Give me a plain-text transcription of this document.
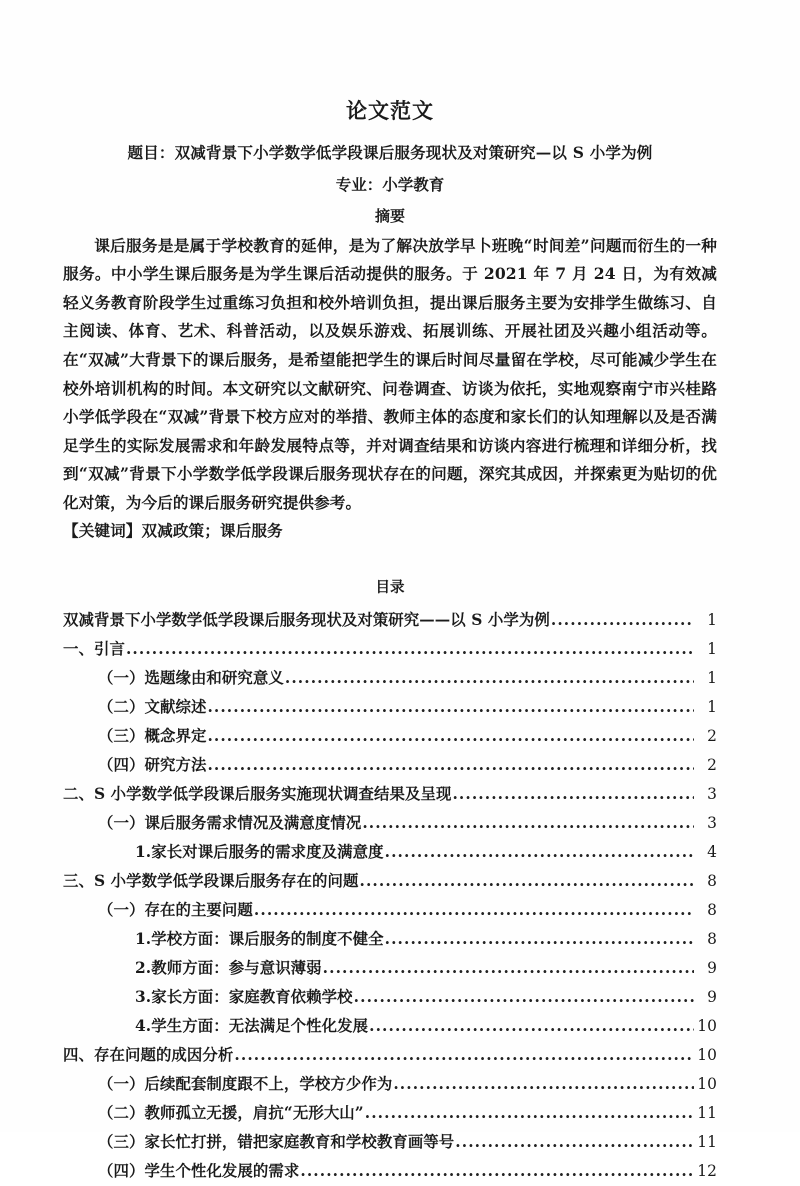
论文范文

题目：双减背景下小学数学低学段课后服务现状及对策研究—以 S 小学为例

专业：小学教育

摘要

课后服务是是属于学校教育的延伸，是为了解决放学早卜班晚“时间差”问题而衍生的一种服务。中小学生课后服务是为学生课后活动提供的服务。于 2021 年 7 月 24 日，为有效减轻义务教育阶段学生过重练习负担和校外培训负担，提出课后服务主要为安排学生做练习、自主阅读、体育、艺术、科普活动，以及娱乐游戏、拓展训练、开展社团及兴趣小组活动等。在“双减”大背景下的课后服务，是希望能把学生的课后时间尽量留在学校，尽可能减少学生在校外培训机构的时间。本文研究以文献研究、问卷调查、访谈为依托，实地观察南宁市兴桂路小学低学段在“双减”背景下校方应对的举措、教师主体的态度和家长们的认知理解以及是否满足学生的实际发展需求和年龄发展特点等，并对调查结果和访谈内容进行梳理和详细分析，找到“双减”背景下小学数学低学段课后服务现状存在的问题，深究其成因，并探索更为贴切的优化对策，为今后的课后服务研究提供参考。

【关键词】双减政策；课后服务

目录

双减背景下小学数学低学段课后服务现状及对策研究——以 S 小学为例 .....	1
一、引言 .....	1
（一）选题缘由和研究意义 .....	1
（二）文献综述 .....	1
（三）概念界定 .....	2
（四）研究方法 .....	2
二、S 小学数学低学段课后服务实施现状调查结果及呈现 .....	3
（一）课后服务需求情况及满意度情况 .....	3
1.家长对课后服务的需求度及满意度 .....	4
三、S 小学数学低学段课后服务存在的问题 .....	8
（一）存在的主要问题 .....	8
1.学校方面：课后服务的制度不健全 .....	8
2.教师方面：参与意识薄弱 .....	9
3.家长方面：家庭教育依赖学校 .....	9
4.学生方面：无法满足个性化发展 .....	10
四、存在问题的成因分析 .....	10
（一）后续配套制度跟不上，学校方少作为 .....	10
（二）教师孤立无援，肩抗“无形大山” .....	11
（三）家长忙打拼，错把家庭教育和学校教育画等号 .....	11
（四）学生个性化发展的需求 .....	12
